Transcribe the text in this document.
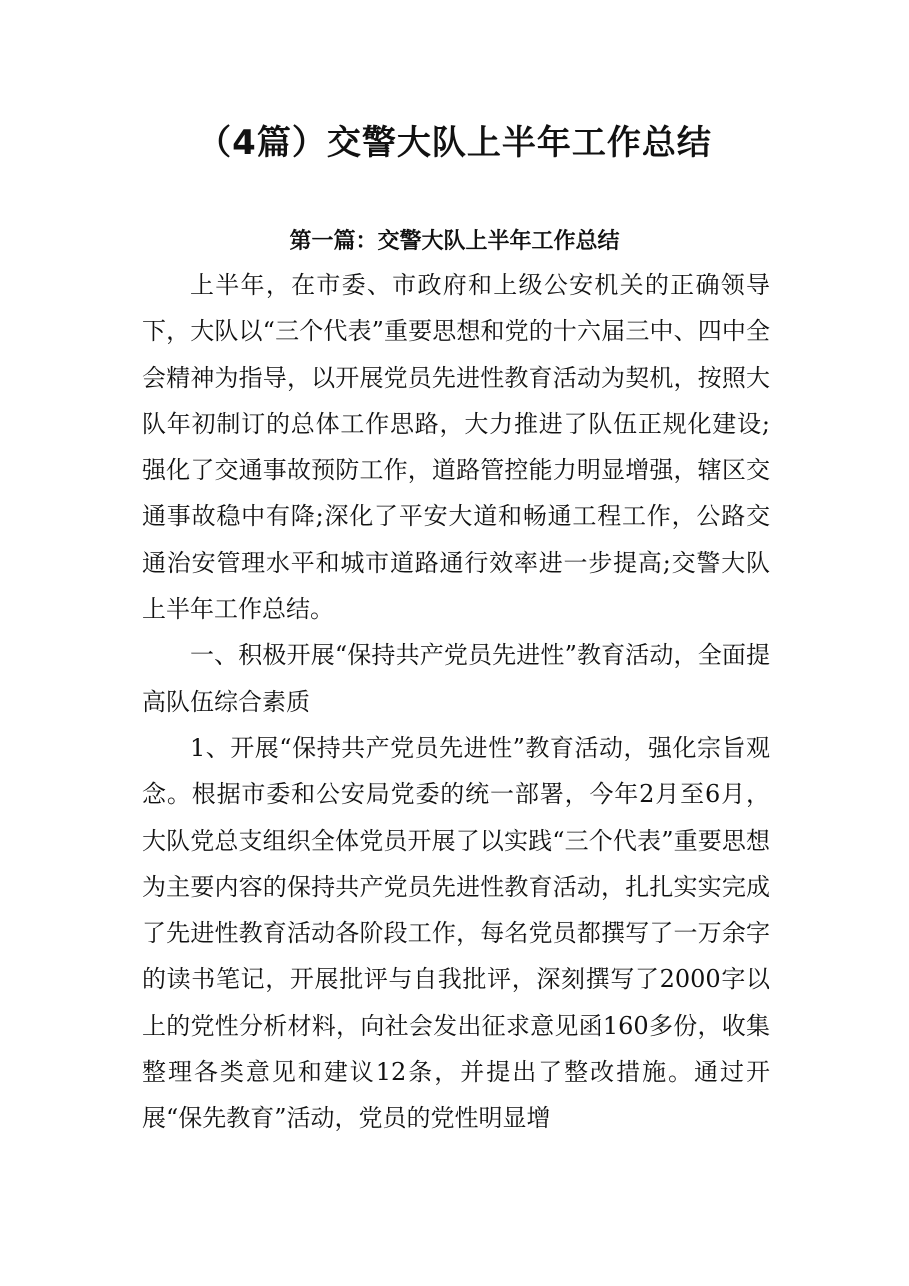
（4篇）交警大队上半年工作总结
第一篇：交警大队上半年工作总结

上半年，在市委、市政府和上级公安机关的正确领导下，大队以“三个代表”重要思想和党的十六届三中、四中全会精神为指导，以开展党员先进性教育活动为契机，按照大队年初制订的总体工作思路，大力推进了队伍正规化建设;强化了交通事故预防工作，道路管控能力明显增强，辖区交通事故稳中有降;深化了平安大道和畅通工程工作，公路交通治安管理水平和城市道路通行效率进一步提高;交警大队上半年工作总结。

一、积极开展“保持共产党员先进性”教育活动，全面提高队伍综合素质

1、开展“保持共产党员先进性”教育活动，强化宗旨观念。根据市委和公安局党委的统一部署，今年2月至6月，大队党总支组织全体党员开展了以实践“三个代表”重要思想为主要内容的保持共产党员先进性教育活动，扎扎实实完成了先进性教育活动各阶段工作，每名党员都撰写了一万余字的读书笔记，开展批评与自我批评，深刻撰写了2000字以上的党性分析材料，向社会发出征求意见函160多份，收集整理各类意见和建议12条，并提出了整改措施。通过开展“保先教育”活动，党员的党性明显增
